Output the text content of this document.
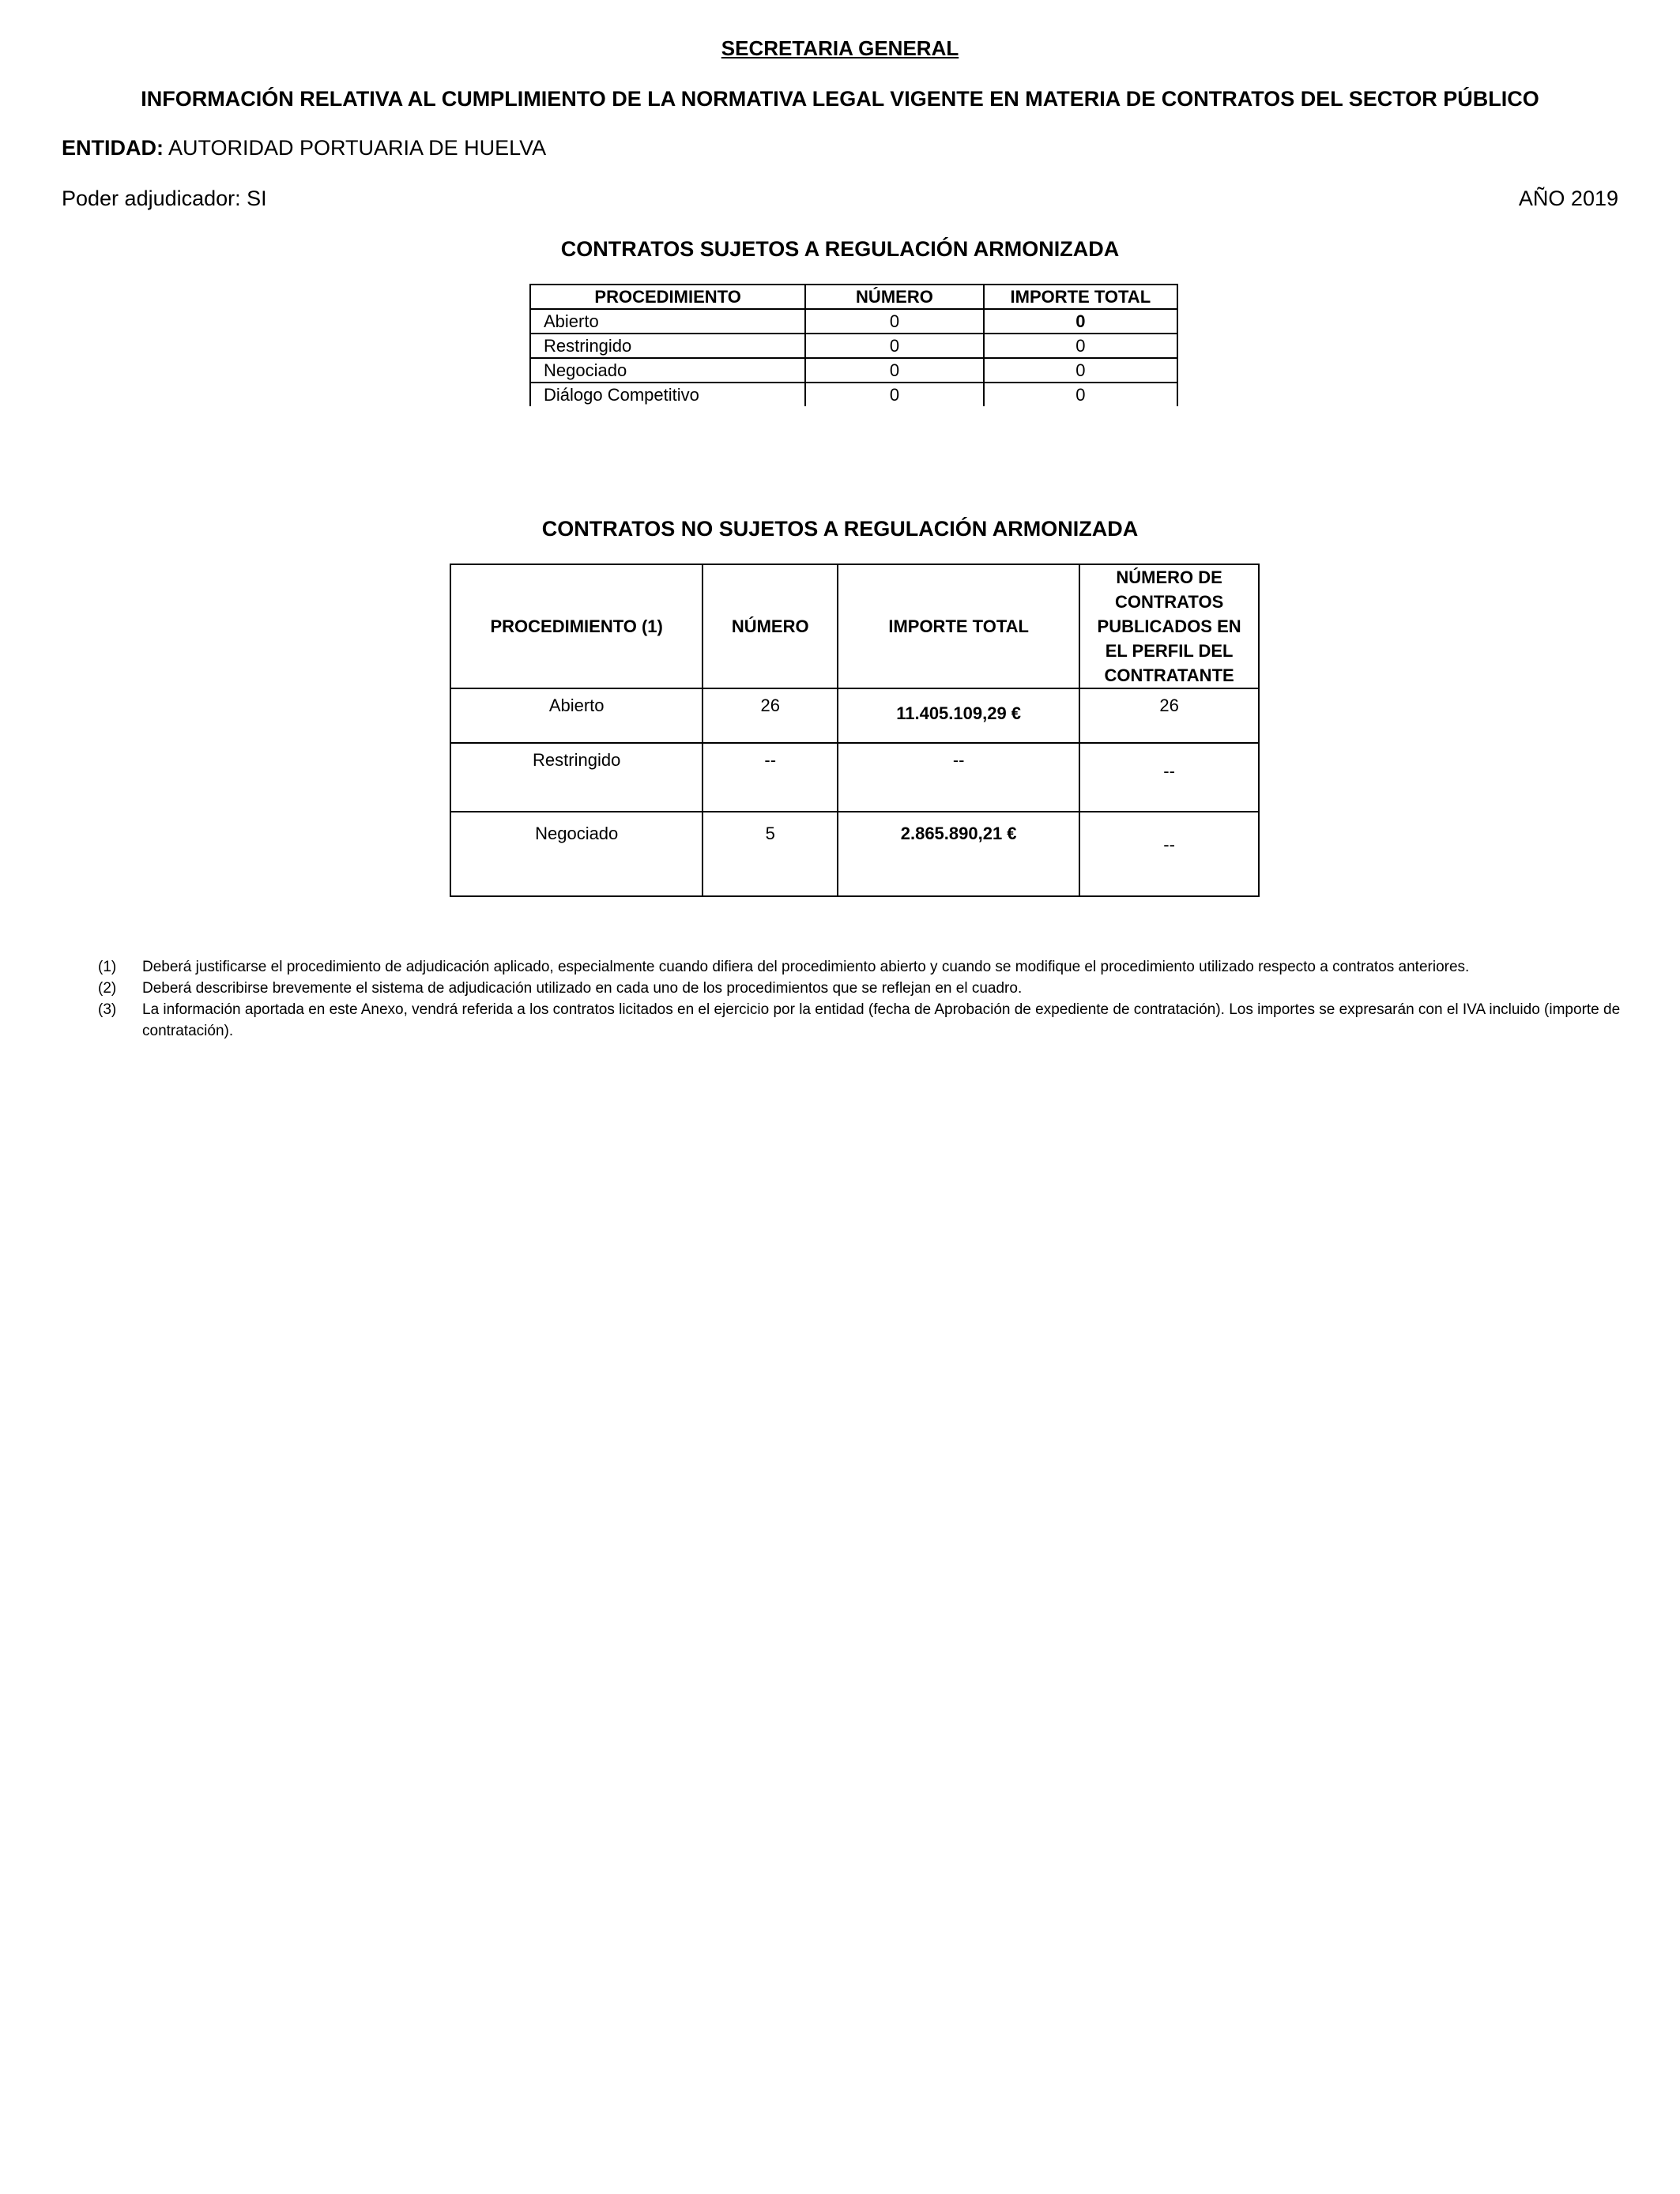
SECRETARIA GENERAL
INFORMACIÓN RELATIVA AL CUMPLIMIENTO DE LA NORMATIVA LEGAL VIGENTE EN MATERIA DE CONTRATOS DEL SECTOR PÚBLICO
ENTIDAD: AUTORIDAD PORTUARIA DE HUELVA
Poder adjudicador: SI	AÑO 2019
CONTRATOS SUJETOS A REGULACIÓN ARMONIZADA
PROCEDIMIENTO	NÚMERO	IMPORTE TOTAL
Abierto	0	0
Restringido	0	0
Negociado	0	0
Diálogo Competitivo	0	0
CONTRATOS NO SUJETOS A REGULACIÓN ARMONIZADA
PROCEDIMIENTO (1)	NÚMERO	IMPORTE TOTAL	NÚMERO DE CONTRATOS PUBLICADOS EN EL PERFIL DEL CONTRATANTE
Abierto	26	11.405.109,29 €	26
Restringido	--	--	--
Negociado	5	2.865.890,21 €	--
(1)	Deberá justificarse el procedimiento de adjudicación aplicado, especialmente cuando difiera del procedimiento abierto y cuando se modifique el procedimiento utilizado respecto a contratos anteriores.
(2)	Deberá describirse brevemente el sistema de adjudicación utilizado en cada uno de los procedimientos que se reflejan en el cuadro.
(3)	La información aportada en este Anexo, vendrá referida a los contratos licitados en el ejercicio por la entidad (fecha de Aprobación de expediente de contratación). Los importes se expresarán con el IVA incluido (importe de contratación).
